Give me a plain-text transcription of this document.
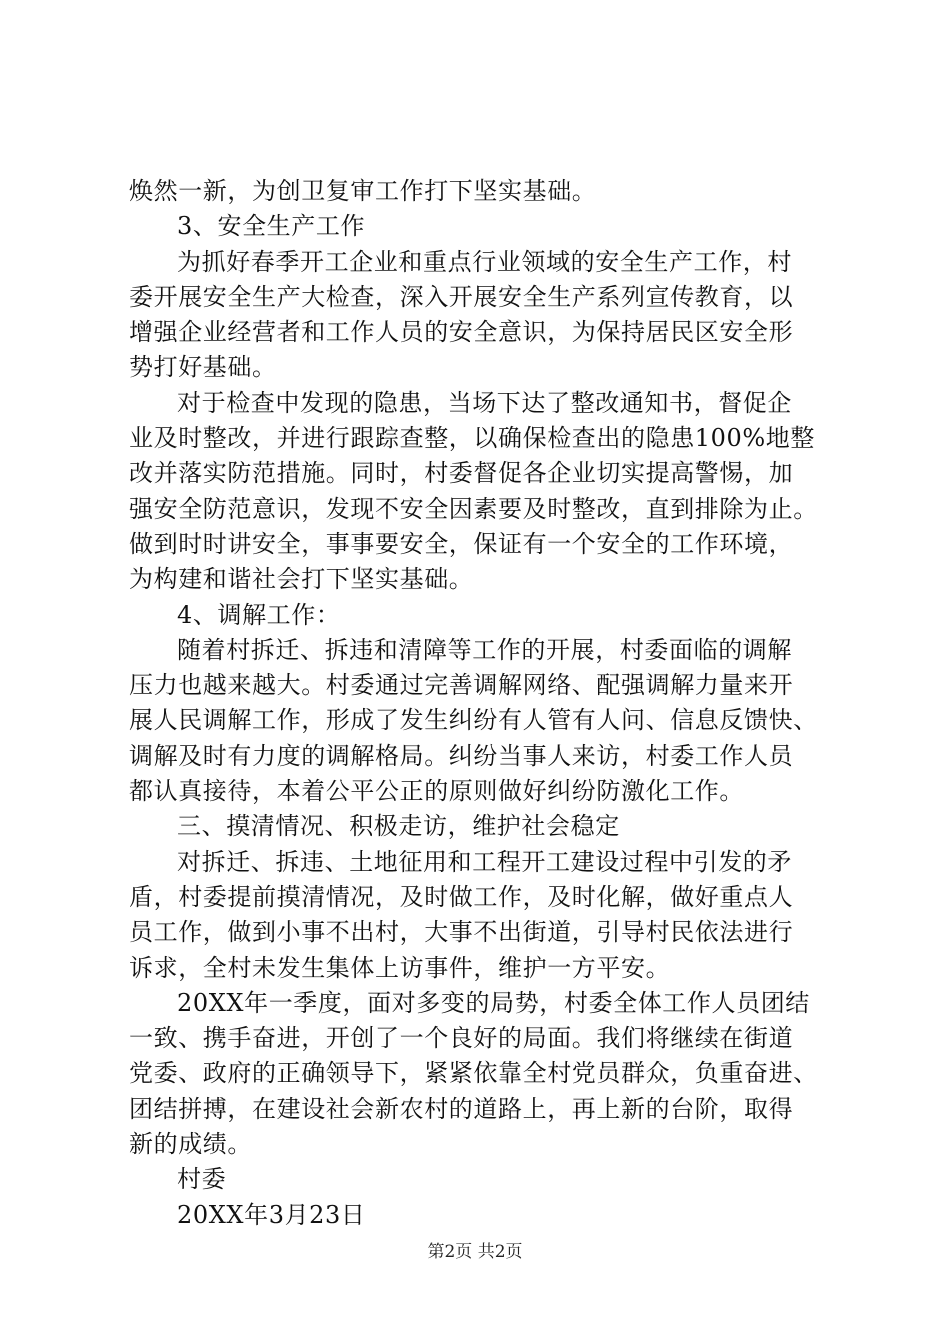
焕然一新，为创卫复审工作打下坚实基础。
3、安全生产工作
为抓好春季开工企业和重点行业领域的安全生产工作，村
委开展安全生产大检查，深入开展安全生产系列宣传教育，以
增强企业经营者和工作人员的安全意识，为保持居民区安全形
势打好基础。
对于检查中发现的隐患，当场下达了整改通知书，督促企
业及时整改，并进行跟踪查整，以确保检查出的隐患100%地整
改并落实防范措施。同时，村委督促各企业切实提高警惕，加
强安全防范意识，发现不安全因素要及时整改，直到排除为止。
做到时时讲安全，事事要安全，保证有一个安全的工作环境，
为构建和谐社会打下坚实基础。
4、调解工作：
随着村拆迁、拆违和清障等工作的开展，村委面临的调解
压力也越来越大。村委通过完善调解网络、配强调解力量来开
展人民调解工作，形成了发生纠纷有人管有人问、信息反馈快、
调解及时有力度的调解格局。纠纷当事人来访，村委工作人员
都认真接待，本着公平公正的原则做好纠纷防激化工作。
三、摸清情况、积极走访，维护社会稳定
对拆迁、拆违、土地征用和工程开工建设过程中引发的矛
盾，村委提前摸清情况，及时做工作，及时化解，做好重点人
员工作，做到小事不出村，大事不出街道，引导村民依法进行
诉求，全村未发生集体上访事件，维护一方平安。
20XX年一季度，面对多变的局势，村委全体工作人员团结
一致、携手奋进，开创了一个良好的局面。我们将继续在街道
党委、政府的正确领导下，紧紧依靠全村党员群众，负重奋进、
团结拼搏，在建设社会新农村的道路上，再上新的台阶，取得
新的成绩。
村委
20XX年3月23日
第2页 共2页
